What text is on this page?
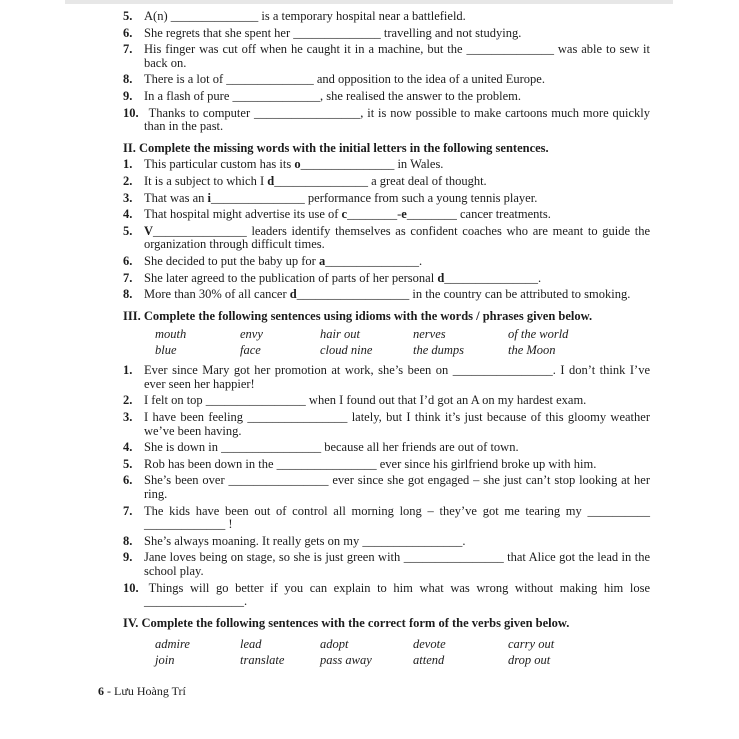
5. A(n) ______________ is a temporary hospital near a battlefield.
6. She regrets that she spent her ______________ travelling and not studying.
7. His finger was cut off when he caught it in a machine, but the ______________ was able to sew it back on.
8. There is a lot of ______________ and opposition to the idea of a united Europe.
9. In a flash of pure ______________, she realised the answer to the problem.
10. Thanks to computer _________________, it is now possible to make cartoons much more quickly than in the past.
II. Complete the missing words with the initial letters in the following sentences.
1. This particular custom has its o_______________ in Wales.
2. It is a subject to which I d_______________ a great deal of thought.
3. That was an i_______________ performance from such a young tennis player.
4. That hospital might advertise its use of c________-e________ cancer treatments.
5. V_______________ leaders identify themselves as confident coaches who are meant to guide the organization through difficult times.
6. She decided to put the baby up for a_______________.
7. She later agreed to the publication of parts of her personal d_______________.
8. More than 30% of all cancer d__________________ in the country can be attributed to smoking.
III. Complete the following sentences using idioms with the words / phrases given below.
mouth	envy	hair out	nerves	of the world
blue	face	cloud nine	the dumps	the Moon
1. Ever since Mary got her promotion at work, she’s been on ________________. I don’t think I’ve ever seen her happier!
2. I felt on top ________________ when I found out that I’d got an A on my hardest exam.
3. I have been feeling ________________ lately, but I think it’s just because of this gloomy weather we’ve been having.
4. She is down in ________________ because all her friends are out of town.
5. Rob has been down in the ________________ ever since his girlfriend broke up with him.
6. She’s been over ________________ ever since she got engaged – she just can’t stop looking at her ring.
7. The kids have been out of control all morning long – they’ve got me tearing my __________ _____________ !
8. She’s always moaning. It really gets on my ________________.
9. Jane loves being on stage, so she is just green with ________________ that Alice got the lead in the school play.
10. Things will go better if you can explain to him what was wrong without making him lose ________________.
IV. Complete the following sentences with the correct form of the verbs given below.
admire	lead	adopt	devote	carry out
join	translate	pass away	attend	drop out
6 - Lưu Hoàng Trí
